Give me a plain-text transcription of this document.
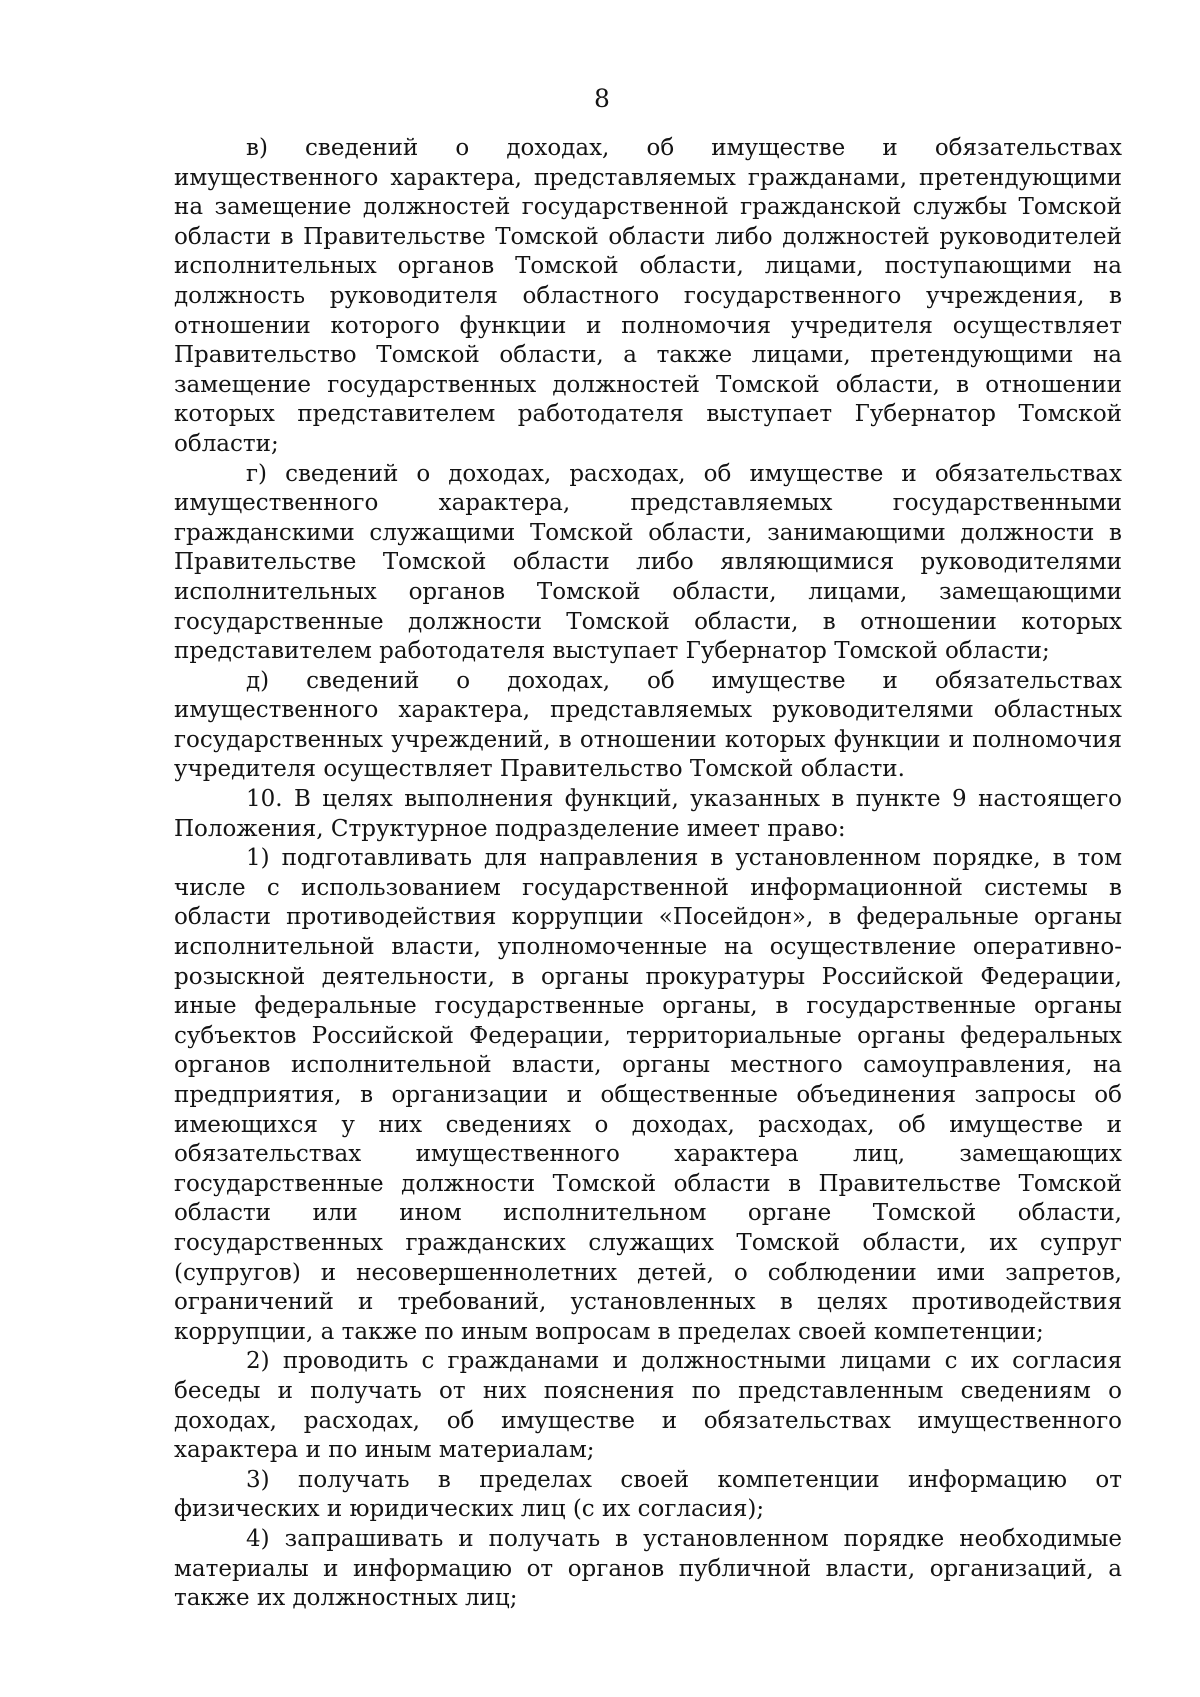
8

в) сведений о доходах, об имуществе и обязательствах имущественного характера, представляемых гражданами, претендующими на замещение должностей государственной гражданской службы Томской области в Правительстве Томской области либо должностей руководителей исполнительных органов Томской области, лицами, поступающими на должность руководителя областного государственного учреждения, в отношении которого функции и полномочия учредителя осуществляет Правительство Томской области, а также лицами, претендующими на замещение государственных должностей Томской области, в отношении которых представителем работодателя выступает Губернатор Томской области;

г) сведений о доходах, расходах, об имуществе и обязательствах имущественного характера, представляемых государственными гражданскими служащими Томской области, занимающими должности в Правительстве Томской области либо являющимися руководителями исполнительных органов Томской области, лицами, замещающими государственные должности Томской области, в отношении которых представителем работодателя выступает Губернатор Томской области;

д) сведений о доходах, об имуществе и обязательствах имущественного характера, представляемых руководителями областных государственных учреждений, в отношении которых функции и полномочия учредителя осуществляет Правительство Томской области.

10. В целях выполнения функций, указанных в пункте 9 настоящего Положения, Структурное подразделение имеет право:

1) подготавливать для направления в установленном порядке, в том числе с использованием государственной информационной системы в области противодействия коррупции «Посейдон», в федеральные органы исполнительной власти, уполномоченные на осуществление оперативно-розыскной деятельности, в органы прокуратуры Российской Федерации, иные федеральные государственные органы, в государственные органы субъектов Российской Федерации, территориальные органы федеральных органов исполнительной власти, органы местного самоуправления, на предприятия, в организации и общественные объединения запросы об имеющихся у них сведениях о доходах, расходах, об имуществе и обязательствах имущественного характера лиц, замещающих государственные должности Томской области в Правительстве Томской области или ином исполнительном органе Томской области, государственных гражданских служащих Томской области, их супруг (супругов) и несовершеннолетних детей, о соблюдении ими запретов, ограничений и требований, установленных в целях противодействия коррупции, а также по иным вопросам в пределах своей компетенции;

2) проводить с гражданами и должностными лицами с их согласия беседы и получать от них пояснения по представленным сведениям о доходах, расходах, об имуществе и обязательствах имущественного характера и по иным материалам;

3) получать в пределах своей компетенции информацию от физических и юридических лиц (с их согласия);

4) запрашивать и получать в установленном порядке необходимые материалы и информацию от органов публичной власти, организаций, а также их должностных лиц;
